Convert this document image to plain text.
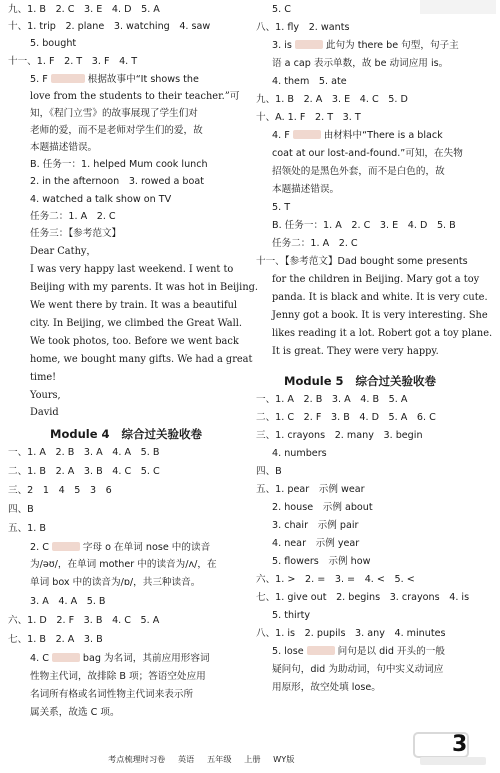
九、1. B　2. C　3. E　4. D　5. A
十、1. trip　2. plane　3. watching　4. saw
5. bought
十一、1. F　2. T　3. F　4. T
5. F	根据故事中“It shows the
love from the students to their teacher.”可
知，《程门立雪》的故事展现了学生们对
老师的爱，而不是老师对学生们的爱，故
本题描述错误。
B. 任务一：1. helped Mum cook lunch
2. in the afternoon　3. rowed a boat
4. watched a talk show on TV
任务二：1. A　2. C
任务三：【参考范文】
Dear Cathy，
I was very happy last weekend. I went to
Beijing with my parents. It was hot in Beijing.
We went there by train. It was a beautiful
city. In Beijing, we climbed the Great Wall.
We took photos, too. Before we went back
home, we bought many gifts. We had a great
time!
Yours,
David
Module 4 综合过关验收卷
一、1. A　2. B　3. A　4. A　5. B
二、1. B　2. A　3. B　4. C　5. C
三、2　1　4　5　3　6
四、B
五、1. B
2. C	字母 o 在单词 nose 中的读音
为/əʊ/，在单词 mother 中的读音为/ʌ/，在
单词 box 中的读音为/ɒ/，共三种读音。
3. A　4. A　5. B
六、1. D　2. F　3. B　4. C　5. A
七、1. B　2. A　3. B
4. C	bag 为名词，其前应用形容词
性物主代词，故排除 B 项；答语空处应用
名词所有格或名词性物主代词来表示所
属关系，故选 C 项。
5. C
八、1. fly　2. wants
3. is	此句为 there be 句型，句子主
语 a cap 表示单数，故 be 动词应用 is。
4. them　5. ate
九、1. B　2. A　3. E　4. C　5. D
十、A. 1. F　2. T　3. T
4. F	由材料中“There is a black
coat at our lost-and-found.”可知，在失物
招领处的是黑色外套，而不是白色的，故
本题描述错误。
5. T
B. 任务一：1. A　2. C　3. E　4. D　5. B
任务二：1. A　2. C
十一、【参考范文】Dad bought some presents
for the children in Beijing. Mary got a toy
panda. It is black and white. It is very cute.
Jenny got a book. It is very interesting. She
likes reading it a lot. Robert got a toy plane.
It is great. They were very happy.
Module 5 综合过关验收卷
一、1. A　2. B　3. A　4. B　5. A
二、1. C　2. F　3. B　4. D　5. A　6. C
三、1. crayons　2. many　3. begin
4. numbers
四、B
五、1. pear　示例 wear
2. house　示例 about
3. chair　示例 pair
4. near　示例 year
5. flowers　示例 how
六、1. >　2. =　3. =　4. <　5. <
七、1. give out　2. begins　3. crayons　4. is
5. thirty
八、1. is　2. pupils　3. any　4. minutes
5. lose	问句是以 did 开头的一般
疑问句，did 为助动词，句中实义动词应
用原形，故空处填 lose。
考点梳理时习卷 英语 五年级 上册 WY版
3
